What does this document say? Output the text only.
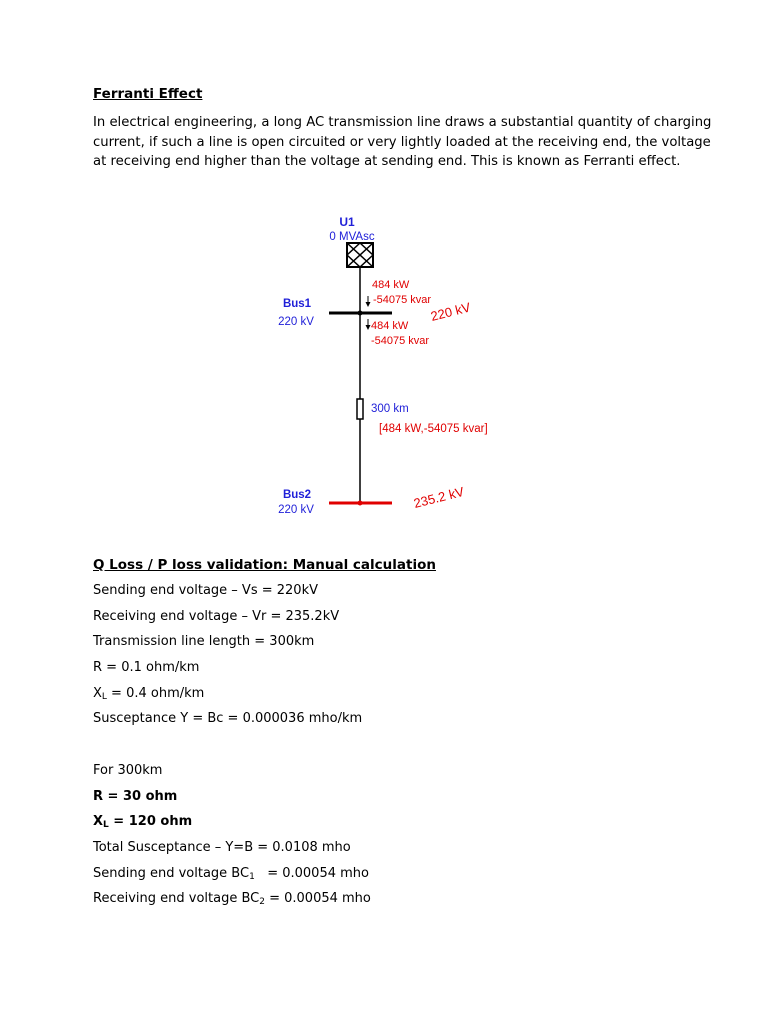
Ferranti Effect
In electrical engineering, a long AC transmission line draws a substantial quantity of charging
current, if such a line is open circuited or very lightly loaded at the receiving end, the voltage
at receiving end higher than the voltage at sending end. This is known as Ferranti effect.
U1
0 MVAsc
Bus1
220 kV
484 kW
-54075 kvar
484 kW
-54075 kvar
220 kV
300 km
[484 kW,-54075 kvar]
Bus2
220 kV	235.2 kV
Q Loss / P loss validation: Manual calculation
Sending end voltage – Vs = 220kV
Receiving end voltage – Vr = 235.2kV
Transmission line length = 300km
R = 0.1 ohm/km
$X_L = 0.4$ ohm/km
Susceptance Y = Bc = 0.000036 mho/km
For 300km
R = 30 ohm
$X_L = 120$ ohm
Total Susceptance – Y=B = 0.0108 mho
Sending end voltage $BC_1 = 0.00054$ mho
Receiving end voltage $BC_2 = 0.00054$ mho
